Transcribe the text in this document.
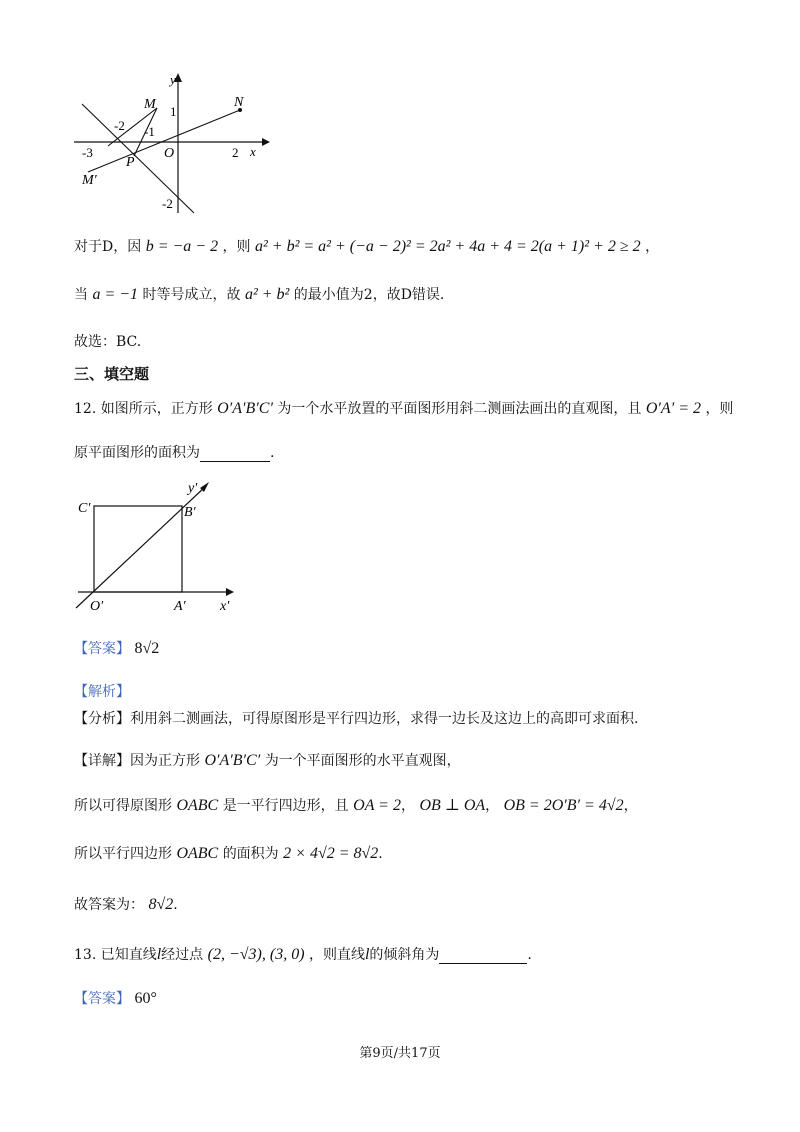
y
x
M	N
M′
P
O
1
-2 -1
-3	2
-2
对于D，因 b = −a − 2 ，则 a² + b² = a² + (−a − 2)² = 2a² + 4a + 4 = 2(a + 1)² + 2 ≥ 2 ，
当 a = −1 时等号成立，故 a² + b² 的最小值为2，故D错误.
故选：BC.
三、填空题
12. 如图所示，正方形 O′A′B′C′ 为一个水平放置的平面图形用斜二测画法画出的直观图，且 O′A′ = 2 ，则
原平面图形的面积为	.
y′
x′
C′	B′
O′	A′
【答案】 8√2
【解析】
【分析】利用斜二测画法，可得原图形是平行四边形，求得一边长及这边上的高即可求面积.
【详解】因为正方形 O′A′B′C′ 为一个平面图形的水平直观图，
所以可得原图形 OABC 是一平行四边形，且 OA = 2， OB ⊥ OA， OB = 2O′B′ = 4√2，
所以平行四边形 OABC 的面积为 2 × 4√2 = 8√2.
故答案为： 8√2.
13. 已知直线l经过点 (2, −√3), (3, 0) ，则直线l的倾斜角为	.
【答案】 60°
第9页/共17页
